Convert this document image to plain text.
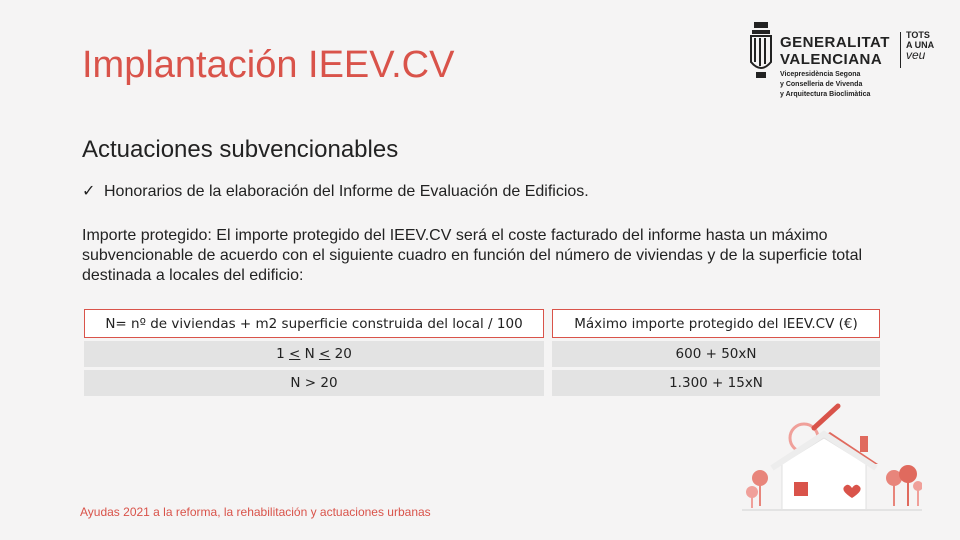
Implantación IEEV.CV
GENERALITAT
VALENCIANA
TOTS
A UNA
veu
Vicepresidència Segona
y Conselleria de Vivenda
y Arquitectura Bioclimàtica
Actuaciones subvencionables
✓ Honorarios de la elaboración del Informe de Evaluación de Edificios.
Importe protegido: El importe protegido del IEEV.CV será el coste facturado del informe hasta un máximo subvencionable de acuerdo con el siguiente cuadro en función del número de viviendas y de la superficie total destinada a locales del edificio:
N= nº de viviendas + m2 superficie construida del local / 100		Máximo importe protegido del IEEV.CV (€)
1 < N < 20		600 + 50xN
N > 20		1.300 + 15xN
Ayudas 2021 a la reforma, la rehabilitación y actuaciones urbanas
